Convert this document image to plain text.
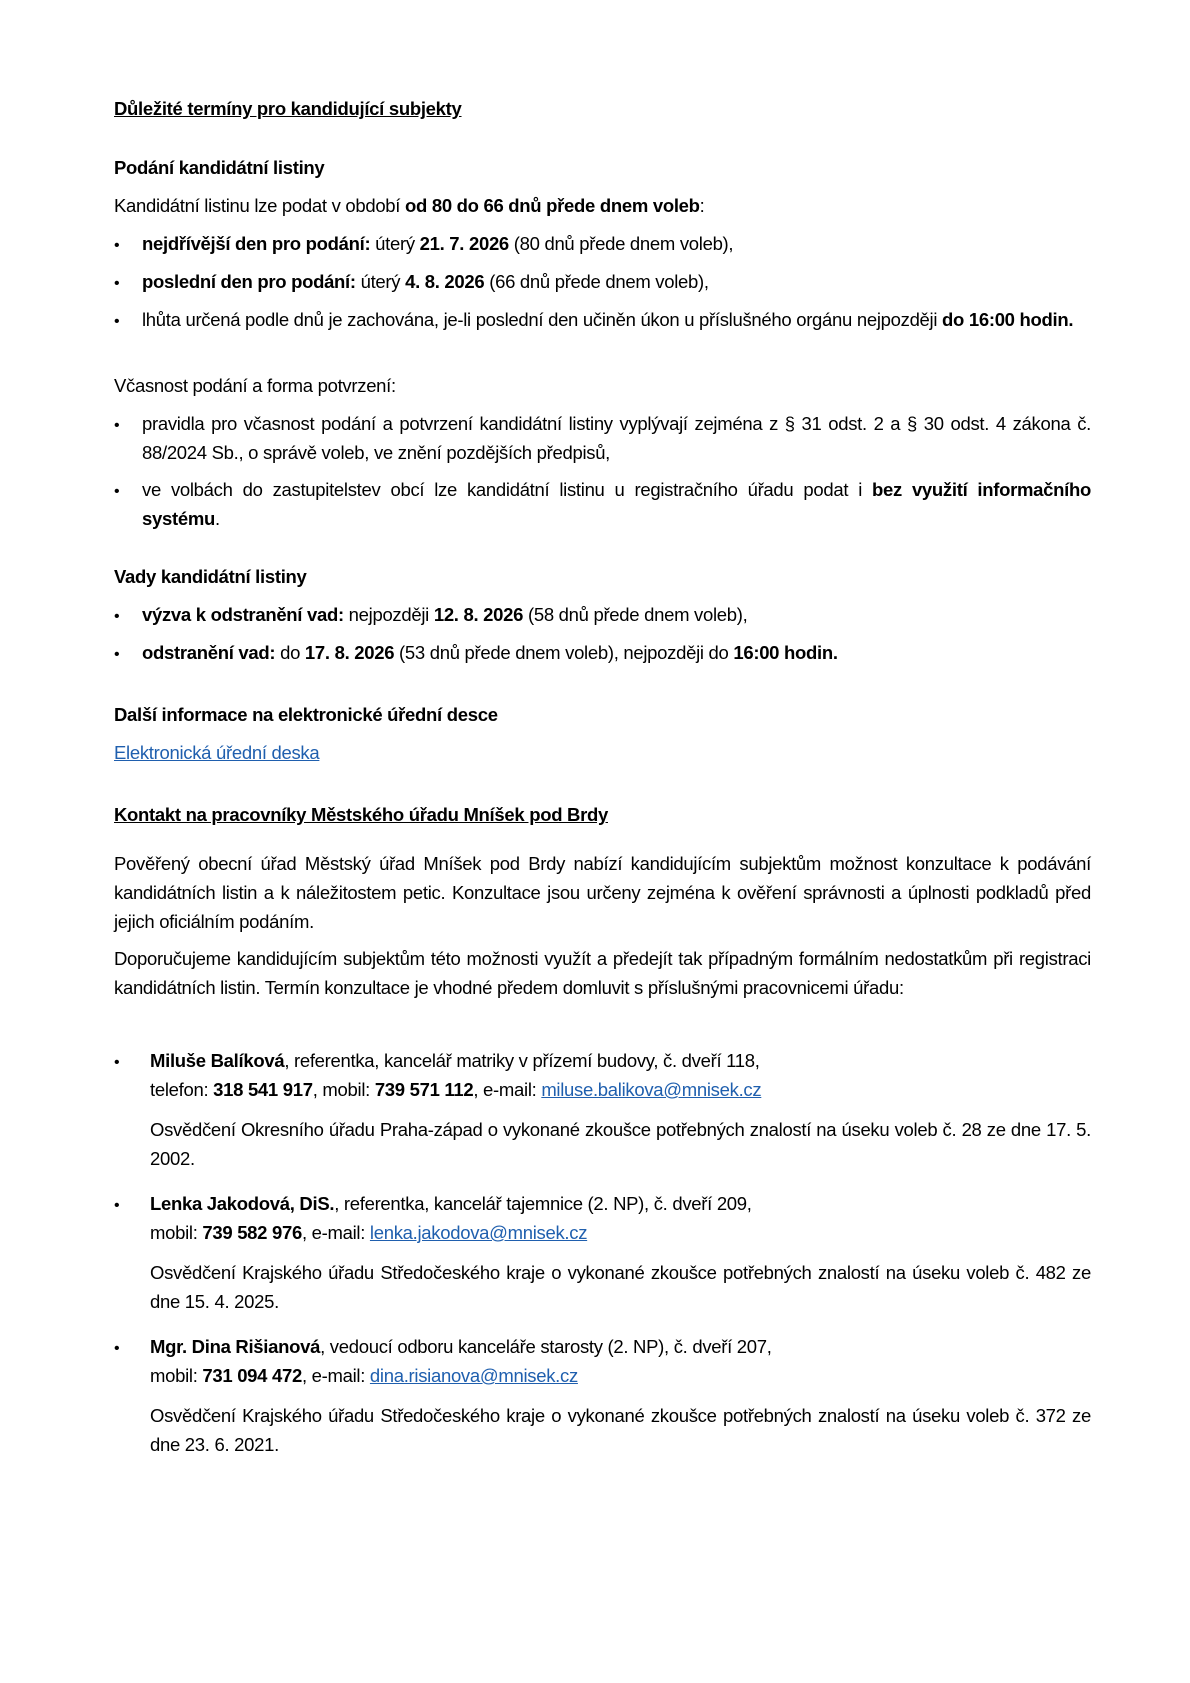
Důležité termíny pro kandidující subjekty
Podání kandidátní listiny
Kandidátní listinu lze podat v období od 80 do 66 dnů přede dnem voleb:
•
nejdřívější den pro podání: úterý 21. 7. 2026 (80 dnů přede dnem voleb),
•
poslední den pro podání: úterý 4. 8. 2026 (66 dnů přede dnem voleb),
•
lhůta určená podle dnů je zachována, je-li poslední den učiněn úkon u příslušného orgánu nejpozději do 16:00 hodin.
Včasnost podání a forma potvrzení:
•
pravidla pro včasnost podání a potvrzení kandidátní listiny vyplývají zejména z § 31 odst. 2 a § 30 odst. 4 zákona č. 88/2024 Sb., o správě voleb, ve znění pozdějších předpisů,
•
ve volbách do zastupitelstev obcí lze kandidátní listinu u registračního úřadu podat i bez využití informačního systému.
Vady kandidátní listiny
•
výzva k odstranění vad: nejpozději 12. 8. 2026 (58 dnů přede dnem voleb),
•
odstranění vad: do 17. 8. 2026 (53 dnů přede dnem voleb), nejpozději do 16:00 hodin.
Další informace na elektronické úřední desce
Elektronická úřední deska
Kontakt na pracovníky Městského úřadu Mníšek pod Brdy
Pověřený obecní úřad Městský úřad Mníšek pod Brdy nabízí kandidujícím subjektům možnost konzultace k podávání kandidátních listin a k náležitostem petic. Konzultace jsou určeny zejména k ověření správnosti a úplnosti podkladů před jejich oficiálním podáním.
Doporučujeme kandidujícím subjektům této možnosti využít a předejít tak případným formálním nedostatkům při registraci kandidátních listin. Termín konzultace je vhodné předem domluvit s příslušnými pracovnicemi úřadu:
•
Miluše Balíková, referentka, kancelář matriky v přízemí budovy, č. dveří 118,
telefon: 318 541 917, mobil: 739 571 112, e-mail: miluse.balikova@mnisek.cz
Osvědčení Okresního úřadu Praha-západ o vykonané zkoušce potřebných znalostí na úseku voleb č. 28 ze dne 17. 5. 2002.
•
Lenka Jakodová, DiS., referentka, kancelář tajemnice (2. NP), č. dveří 209,
mobil: 739 582 976, e-mail: lenka.jakodova@mnisek.cz
Osvědčení Krajského úřadu Středočeského kraje o vykonané zkoušce potřebných znalostí na úseku voleb č. 482 ze dne 15. 4. 2025.
•
Mgr. Dina Rišianová, vedoucí odboru kanceláře starosty (2. NP), č. dveří 207,
mobil: 731 094 472, e-mail: dina.risianova@mnisek.cz
Osvědčení Krajského úřadu Středočeského kraje o vykonané zkoušce potřebných znalostí na úseku voleb č. 372 ze dne 23. 6. 2021.
